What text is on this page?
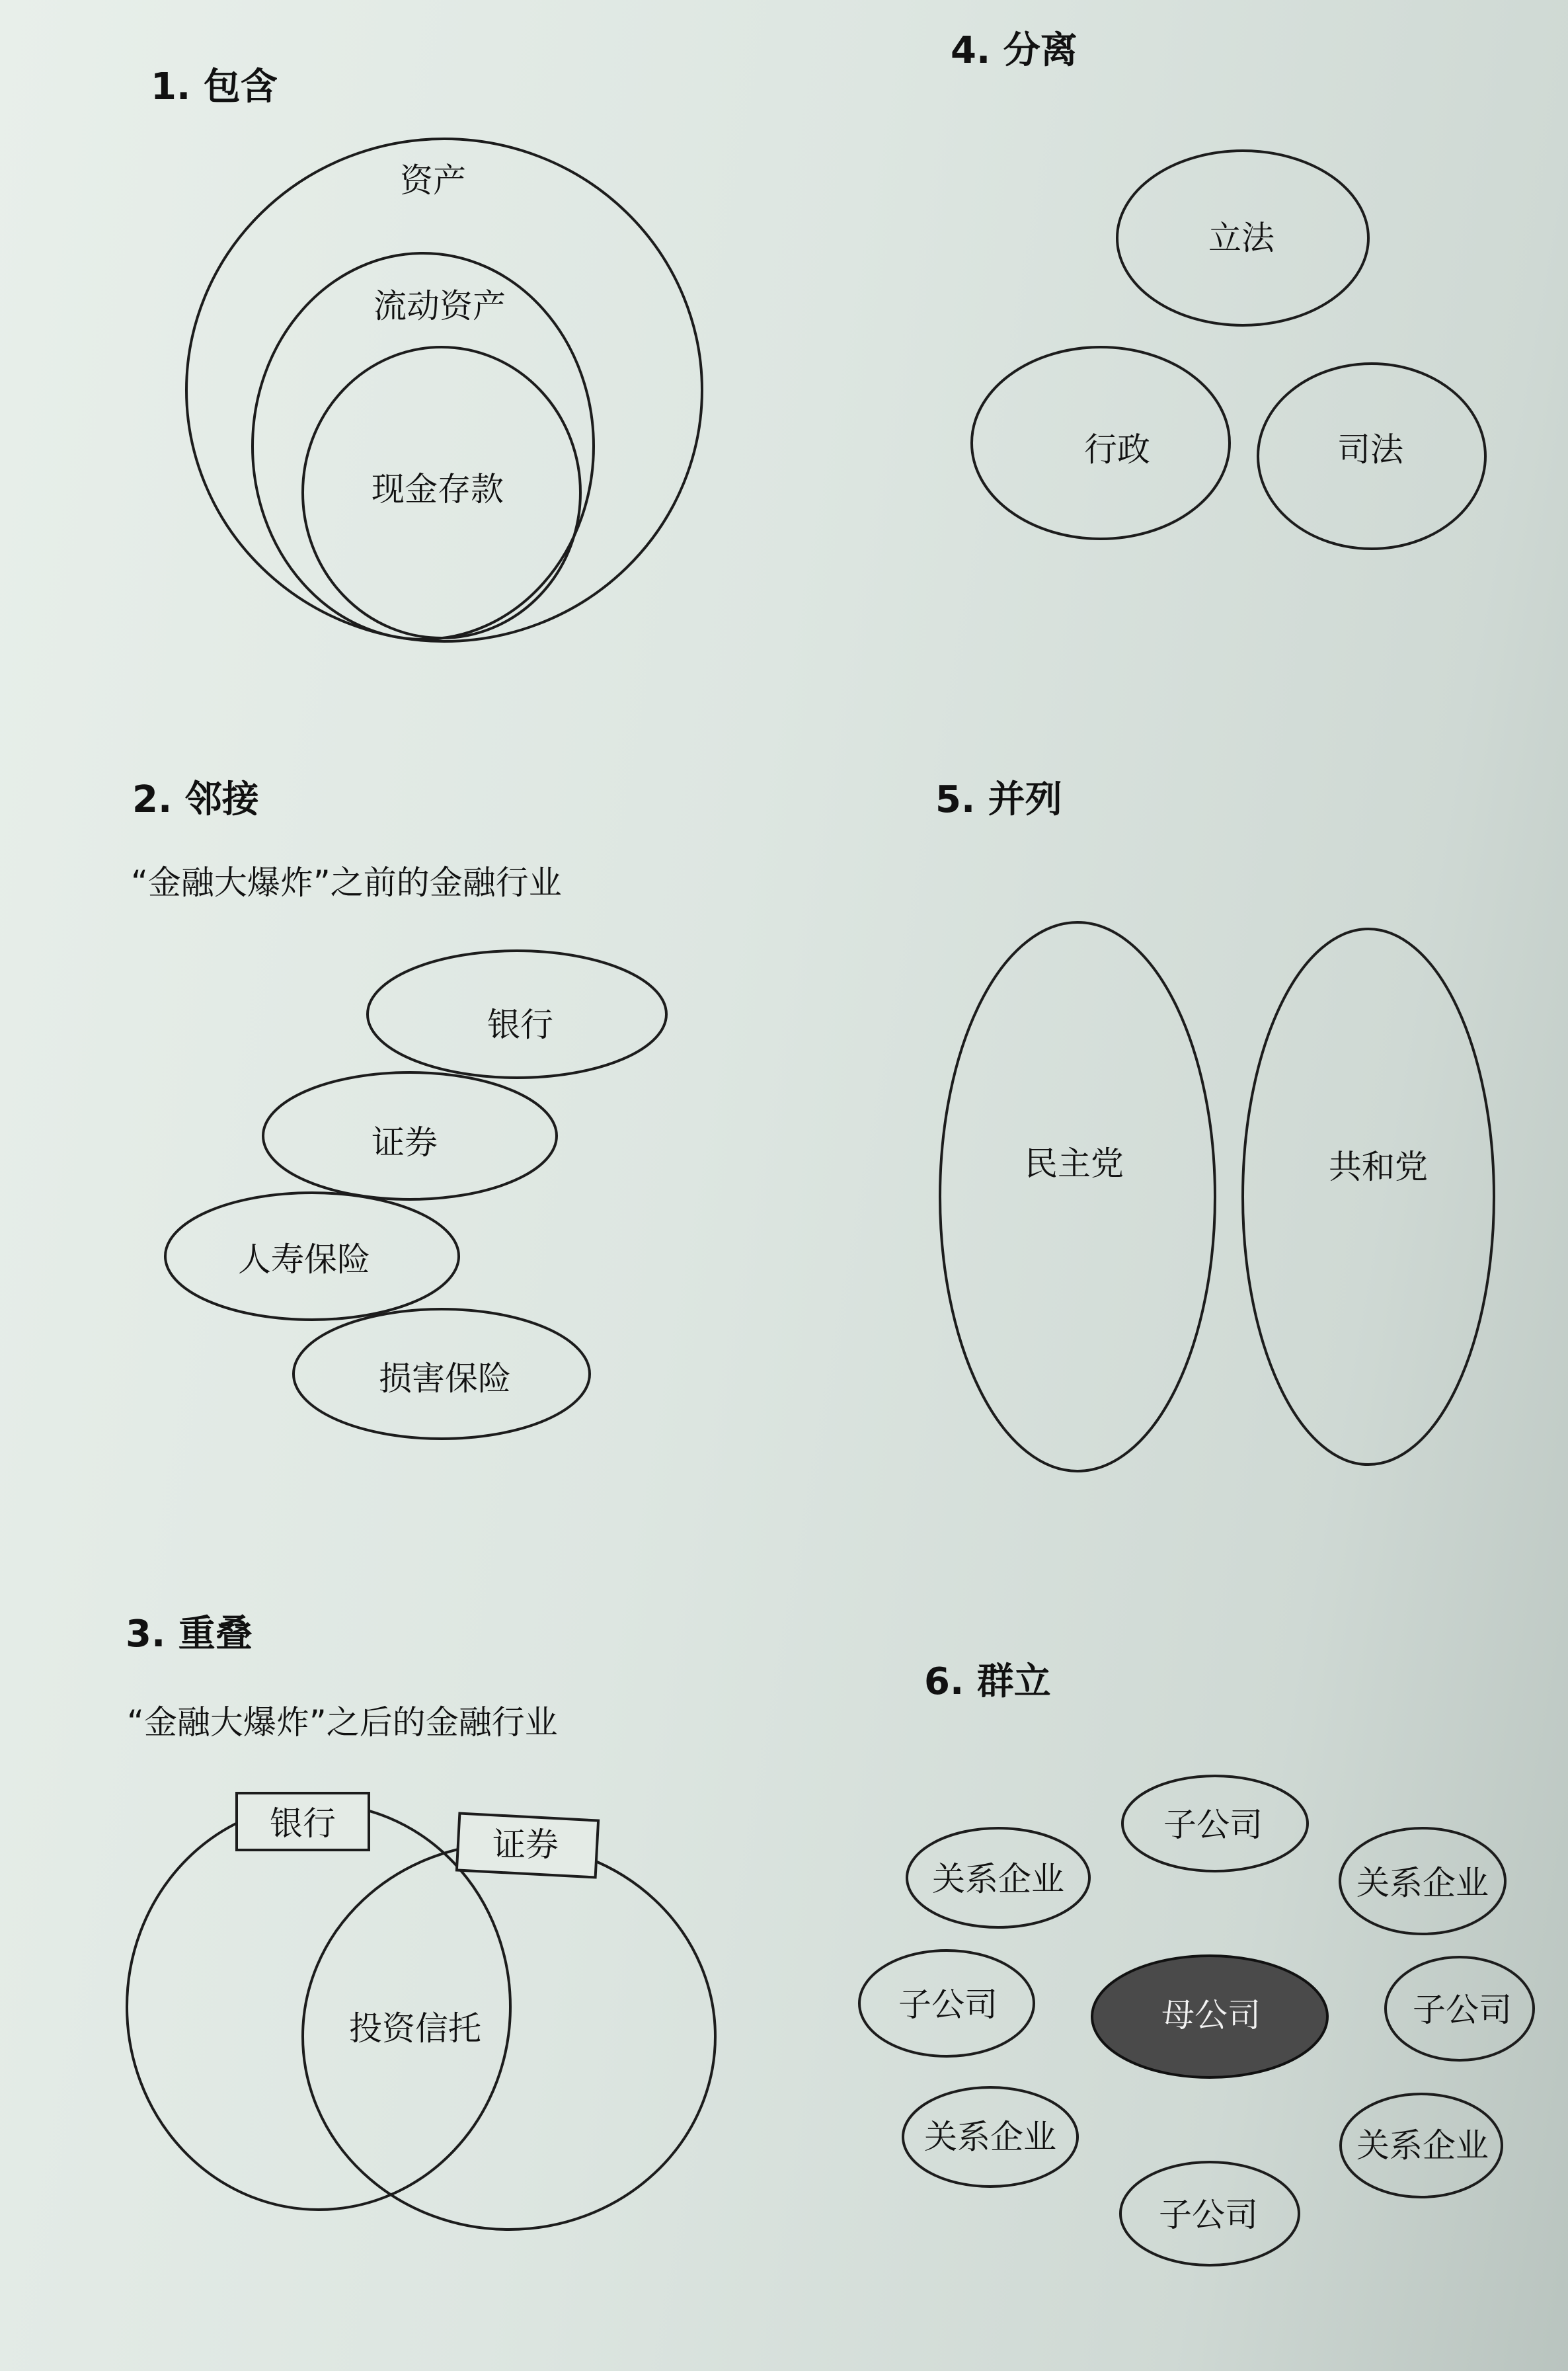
1. 包含
资产
流动资产
现金存款
4. 分离
立法
行政	司法
2. 邻接
“金融大爆炸”之前的金融行业
银行
证券
人寿保险
损害保险
5. 并列
民主党	共和党
3. 重叠
“金融大爆炸”之后的金融行业
银行
证券
投资信托
6. 群立
母公司
子公司
关系企业	关系企业
子公司	子公司
关系企业	关系企业
子公司
